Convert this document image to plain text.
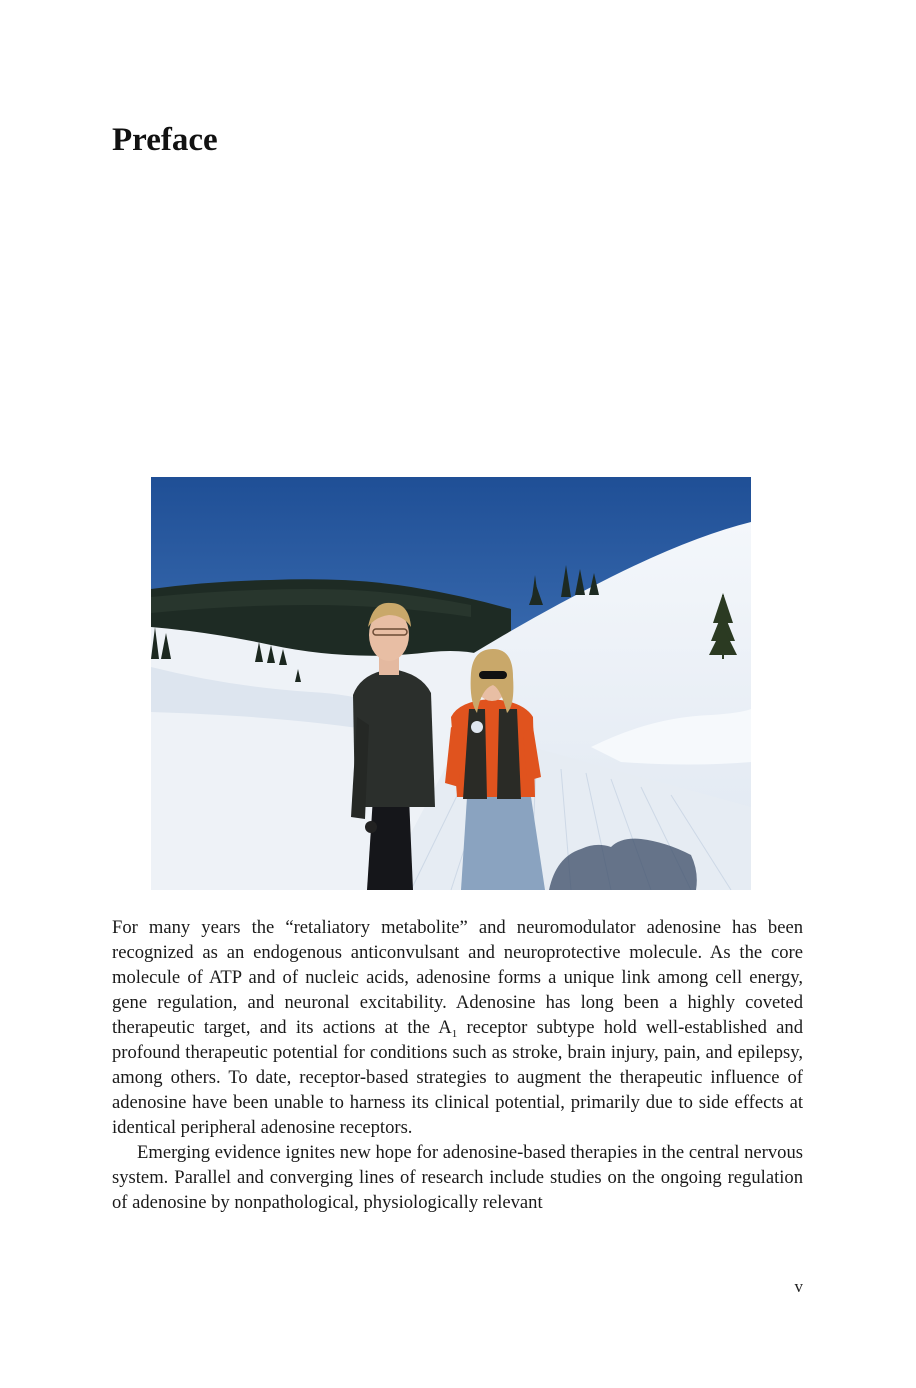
Preface

For many years the “retaliatory metabolite” and neuromodulator adenosine has been recognized as an endogenous anticonvulsant and neuroprotective molecule. As the core molecule of ATP and of nucleic acids, adenosine forms a unique link among cell energy, gene regulation, and neuronal excitability. Adenosine has long been a highly coveted therapeutic target, and its actions at the $A_1$ receptor subtype hold well-established and profound therapeutic potential for conditions such as stroke, brain injury, pain, and epilepsy, among others. To date, receptor-based strategies to augment the therapeutic influence of adenosine have been unable to harness its clinical potential, primarily due to side effects at identical peripheral adenosine receptors.

Emerging evidence ignites new hope for adenosine-based therapies in the central nervous system. Parallel and converging lines of research include studies on the ongoing regulation of adenosine by nonpathological, physiologically relevant

v
